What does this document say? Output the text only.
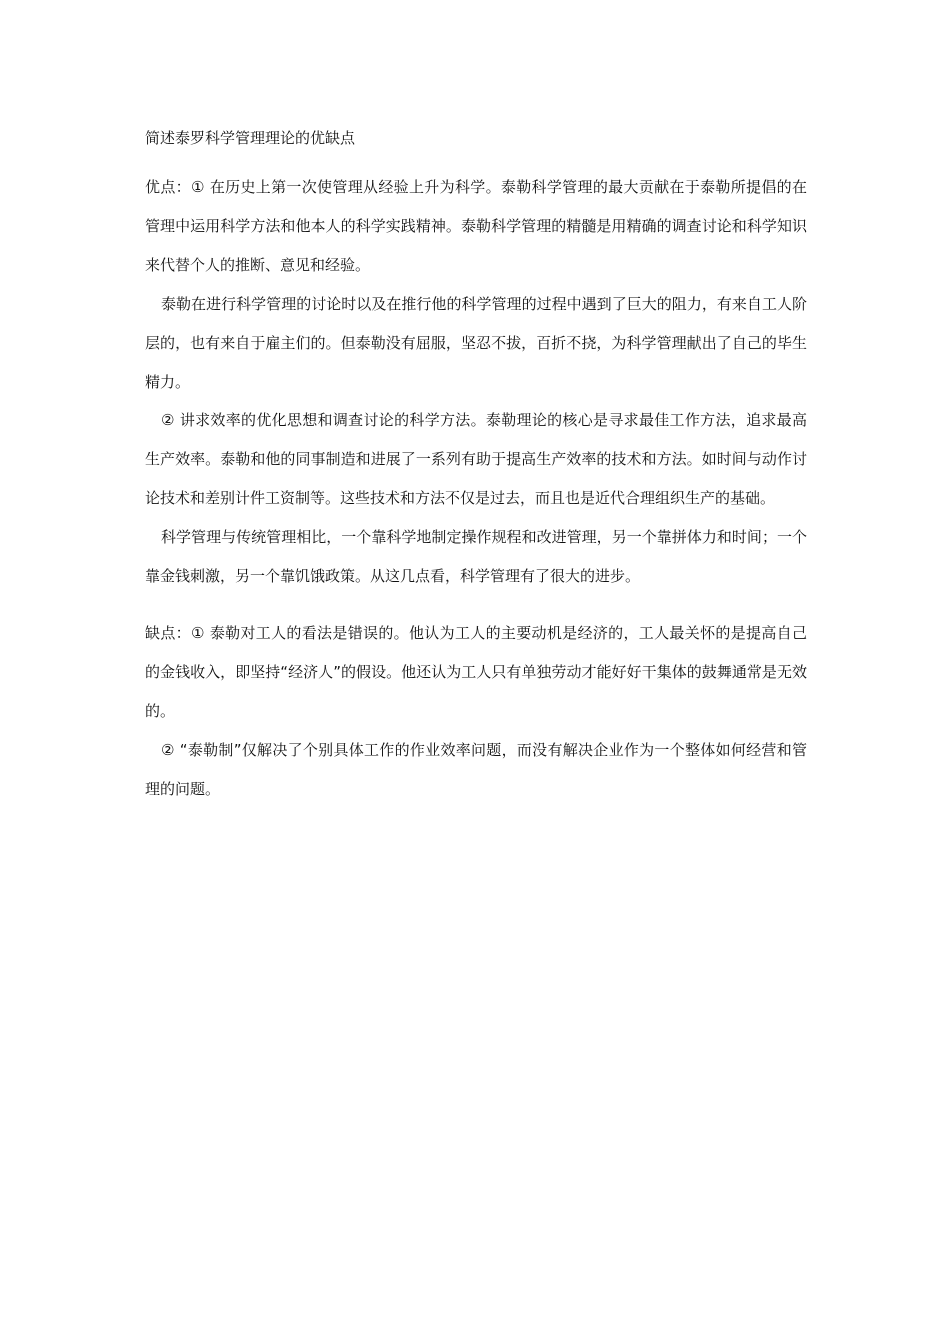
简述泰罗科学管理理论的优缺点

优点：① 在历史上第一次使管理从经验上升为科学。泰勒科学管理的最大贡献在于泰勒所提倡的在管理中运用科学方法和他本人的科学实践精神。泰勒科学管理的精髓是用精确的调查讨论和科学知识来代替个人的推断、意见和经验。

泰勒在进行科学管理的讨论时以及在推行他的科学管理的过程中遇到了巨大的阻力，有来自工人阶层的，也有来自于雇主们的。但泰勒没有屈服，坚忍不拔，百折不挠，为科学管理献出了自己的毕生精力。

② 讲求效率的优化思想和调查讨论的科学方法。泰勒理论的核心是寻求最佳工作方法，追求最高生产效率。泰勒和他的同事制造和进展了一系列有助于提高生产效率的技术和方法。如时间与动作讨论技术和差别计件工资制等。这些技术和方法不仅是过去，而且也是近代合理组织生产的基础。

科学管理与传统管理相比，一个靠科学地制定操作规程和改进管理，另一个靠拼体力和时间；一个靠金钱刺激，另一个靠饥饿政策。从这几点看，科学管理有了很大的进步。

缺点：① 泰勒对工人的看法是错误的。他认为工人的主要动机是经济的，工人最关怀的是提高自己的金钱收入，即坚持“经济人”的假设。他还认为工人只有单独劳动才能好好干集体的鼓舞通常是无效的。

② “泰勒制”仅解决了个别具体工作的作业效率问题，而没有解决企业作为一个整体如何经营和管理的问题。
